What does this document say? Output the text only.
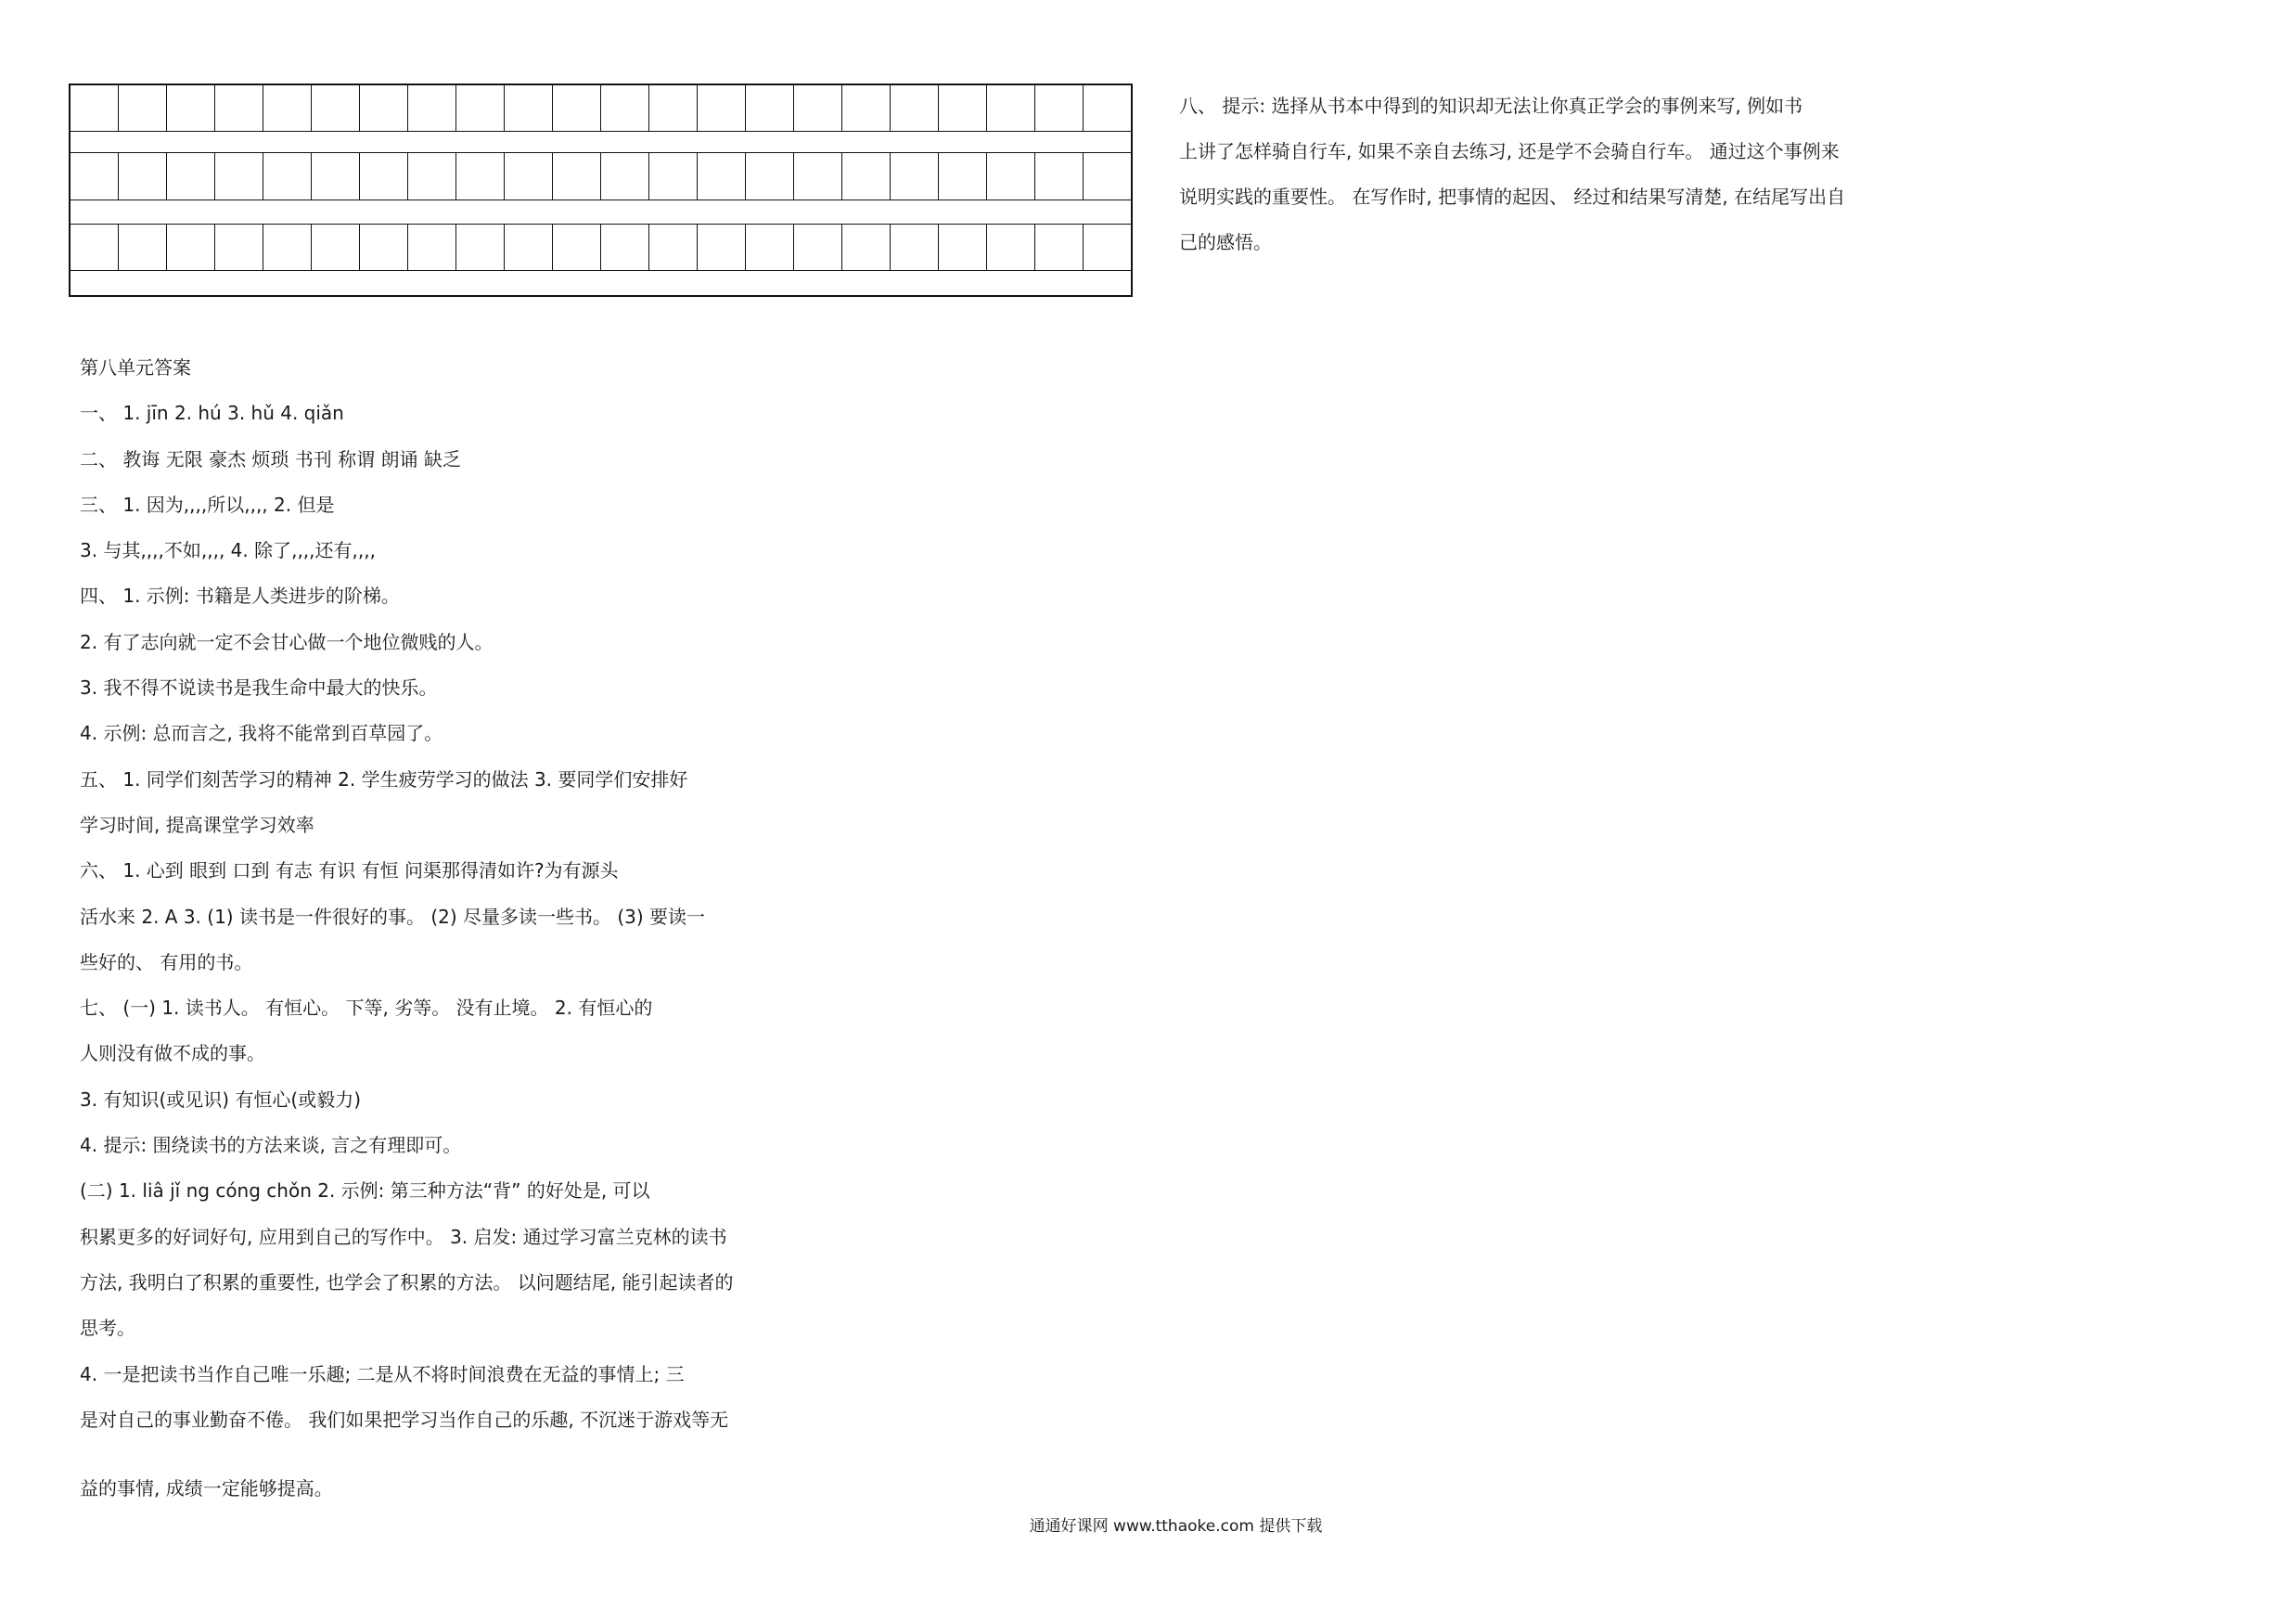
八、 提示: 选择从书本中得到的知识却无法让你真正学会的事例来写, 例如书
上讲了怎样骑自行车, 如果不亲自去练习, 还是学不会骑自行车。 通过这个事例来
说明实践的重要性。 在写作时, 把事情的起因、 经过和结果写清楚, 在结尾写出自
己的感悟。
第八单元答案
一、 1. jīn 2. hú 3. hǔ 4. qiǎn
二、 教诲 无限 豪杰 烦琐 书刊 称谓 朗诵 缺乏
三、 1. 因为,,,,所以,,,, 2. 但是
3. 与其,,,,不如,,,, 4. 除了,,,,还有,,,,
四、 1. 示例: 书籍是人类进步的阶梯。
2. 有了志向就一定不会甘心做一个地位微贱的人。
3. 我不得不说读书是我生命中最大的快乐。
4. 示例: 总而言之, 我将不能常到百草园了。
五、 1. 同学们刻苦学习的精神 2. 学生疲劳学习的做法 3. 要同学们安排好
学习时间, 提高课堂学习效率
六、 1. 心到 眼到 口到 有志 有识 有恒 问渠那得清如许?为有源头
活水来 2. A 3. (1) 读书是一件很好的事。 (2) 尽量多读一些书。 (3) 要读一
些好的、 有用的书。
七、 (一) 1. 读书人。 有恒心。 下等, 劣等。 没有止境。 2. 有恒心的
人则没有做不成的事。
3. 有知识(或见识) 有恒心(或毅力)
4. 提示: 围绕读书的方法来谈, 言之有理即可。
(二) 1. liâ jǐ ng cóng chǒn 2. 示例: 第三种方法“背” 的好处是, 可以
积累更多的好词好句, 应用到自己的写作中。 3. 启发: 通过学习富兰克林的读书
方法, 我明白了积累的重要性, 也学会了积累的方法。 以问题结尾, 能引起读者的
思考。
4. 一是把读书当作自己唯一乐趣; 二是从不将时间浪费在无益的事情上; 三
是对自己的事业勤奋不倦。 我们如果把学习当作自己的乐趣, 不沉迷于游戏等无
益的事情, 成绩一定能够提高。
通通好课网 www.tthaoke.com 提供下载
